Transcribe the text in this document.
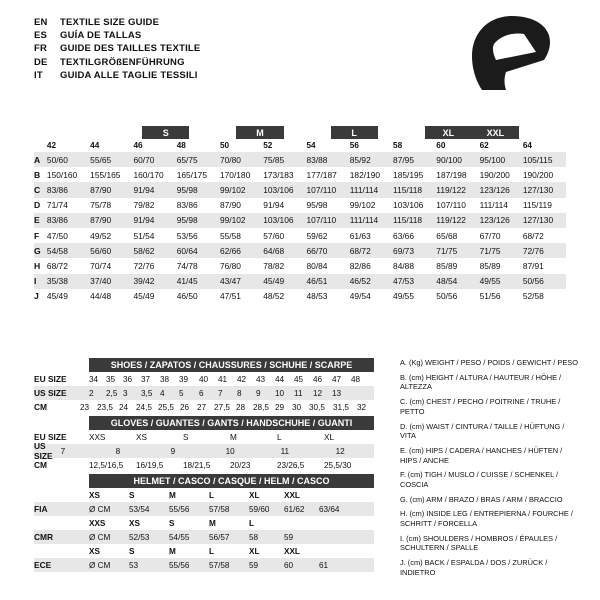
EN	TEXTILE SIZE GUIDE
ES	GUÍA DE TALLAS
FR	GUIDE DES TAILLES TEXTILE
DE	TEXTILGRÖßENFÜHRUNG
IT	GUIDA ALLE TAGLIE TESSILI
S	M	L	XL	XXL
42	44	46	48	50	52	54	56	58	60	62	64
A 50/60	55/65	60/70	65/75	70/80	75/85	83/88	85/92	87/95	90/100	95/100	105/115
B 150/160	155/165	160/170	165/175	170/180	173/183	177/187	182/190	185/195	187/198	190/200	190/200
C 83/86	87/90	91/94	95/98	99/102	103/106	107/110	111/114	115/118	119/122	123/126	127/130
D 71/74	75/78	79/82	83/86	87/90	91/94	95/98	99/102	103/106	107/110	111/114	115/119
E 83/86	87/90	91/94	95/98	99/102	103/106	107/110	111/114	115/118	119/122	123/126	127/130
F 47/50	49/52	51/54	53/56	55/58	57/60	59/62	61/63	63/66	65/68	67/70	68/72
G 54/58	56/60	58/62	60/64	62/66	64/68	66/70	68/72	69/73	71/75	71/75	72/76
H 68/72	70/74	72/76	74/78	76/80	78/82	80/84	82/86	84/88	85/89	85/89	87/91
I	35/38	37/40	39/42	41/45	43/47	45/49	46/51	46/52	47/53	48/54	49/55	50/56
J 45/49	44/48	45/49	46/50	47/51	48/52	48/53	49/54	49/55	50/56	51/56	52/58
SHOES / ZAPATOS / CHAUSSURES / SCHUHE / SCARPE
EU SIZE	34 35 36	37	38	39	40	41	42	43	44	45	46	47	48
US SIZE	2	2,5 3	3,5 4	5	6	7	8	9	10	11	12	13
CM	23 23,5 24 24,5 25,5 26 27 27,5 28 28,5 29 30 30,5 31,5 32
GLOVES / GUANTES / GANTS / HANDSCHUHE / GUANTI
EU SIZE	XXS	XS	S	M	L	XL
US SIZE 7	8	9	10	11	12
CM	12,5/16,5	16/19,5	18/21,5	20/23	23/26,5	25,5/30
HELMET / CASCO / CASQUE / HELM / CASCO
XS	S	M	L	XL	XXL
FIA	Ø CM	53/54	55/56	57/58	59/60	61/62	63/64
XXS	XS	S	M	L
CMR	Ø CM	52/53	54/55	56/57	58	59
XS	S	M	L	XL	XXL
ECE	Ø CM	53	55/56	57/58	59	60	61
A. (Kg) WEIGHT / PESO / POIDS / GEWICHT / PESO
B. (cm) HEIGHT / ALTURA / HAUTEUR / HÖHE / ALTEZZA
C. (cm) CHEST / PECHO / POITRINE / TRUHE / PETTO
D. (cm) WAIST / CINTURA / TAILLE / HÜFTUNG / VITA
E. (cm) HIPS / CADERA / HANCHES / HÜFTEN / HIPS / ANCHE
F. (cm) TIGH / MUSLO / CUISSE / SCHENKEL / COSCIA
G. (cm) ARM / BRAZO / BRAS / ARM / BRACCIO
H. (cm) INSIDE LEG / ENTREPIERNA / FOURCHE / SCHRITT / FORCELLA
I. (cm) SHOULDERS / HOMBROS / ÉPAULES / SCHULTERN / SPALLE
J. (cm) BACK / ESPALDA / DOS / ZURÜCK / INDIETRO
